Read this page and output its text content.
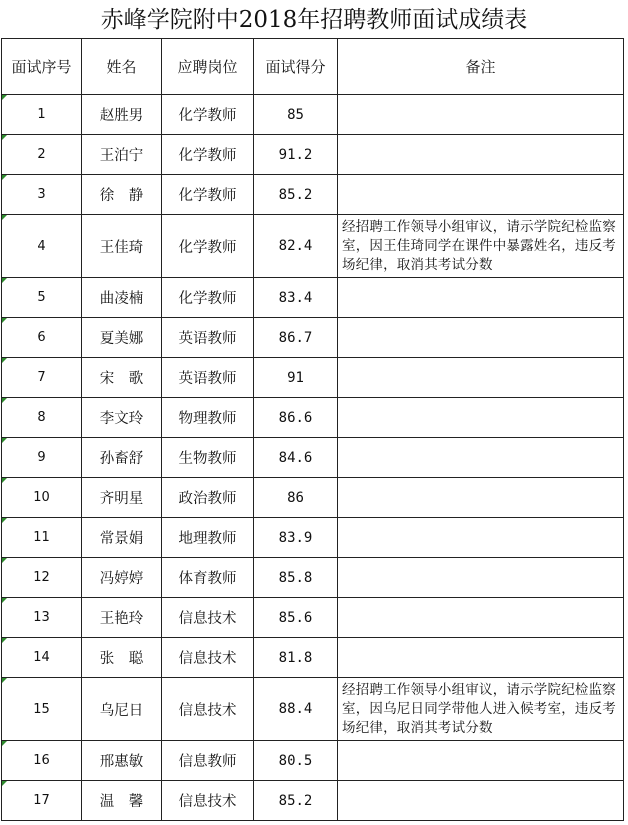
赤峰学院附中2018年招聘教师面试成绩表
面试序号	姓名	应聘岗位	面试得分	备注
1	赵胜男	化学教师	85	
2	王泊宁	化学教师	91.2	
3	徐　静	化学教师	85.2	
4	王佳琦	化学教师	82.4	经招聘工作领导小组审议，请示学院纪检监察室，因王佳琦同学在课件中暴露姓名，违反考场纪律，取消其考试分数
5	曲凌楠	化学教师	83.4	
6	夏美娜	英语教师	86.7	
7	宋　歌	英语教师	91	
8	李文玲	物理教师	86.6	
9	孙畜舒	生物教师	84.6	
10	齐明星	政治教师	86	
11	常景娟	地理教师	83.9	
12	冯婷婷	体育教师	85.8	
13	王艳玲	信息技术	85.6	
14	张　聪	信息技术	81.8	
15	乌尼日	信息技术	88.4	经招聘工作领导小组审议，请示学院纪检监察室，因乌尼日同学带他人进入候考室，违反考场纪律，取消其考试分数
16	邢惠敏	信息教师	80.5	
17	温　馨	信息技术	85.2	
